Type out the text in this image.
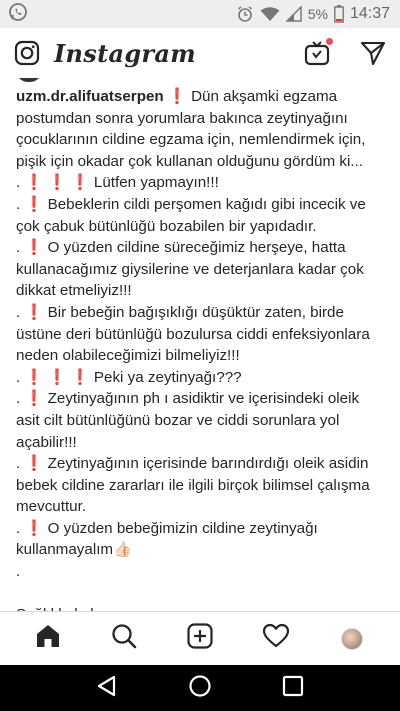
5% 14:37
Instagram
uzm.dr.alifuatserpen ❗ Dün akşamki egzama
postumdan sonra yorumlara bakınca zeytinyağını
çocuklarının cildine egzama için, nemlendirmek için,
pişik için okadar çok kullanan olduğunu gördüm ki...
. ❗ ❗ ❗ Lütfen yapmayın!!!
. ❗ Bebeklerin cildi perşomen kağıdı gibi incecik ve
çok çabuk bütünlüğü bozabilen bir yapıdadır.
. ❗ O yüzden cildine süreceğimiz herşeye, hatta
kullanacağımız giysilerine ve deterjanlara kadar çok
dikkat etmeliyiz!!!
. ❗ Bir bebeğin bağışıklığı düşüktür zaten, birde
üstüne deri bütünlüğü bozulursa ciddi enfeksiyonlara
neden olabileceğimizi bilmeliyiz!!!
. ❗ ❗ ❗ Peki ya zeytinyağı???
. ❗ Zeytinyağının ph ı asidiktir ve içerisindeki oleik
asit cilt bütünlüğünü bozar ve ciddi sorunlara yol
açabilir!!!
. ❗ Zeytinyağının içerisinde barındırdığı oleik asidin
bebek cildine zararları ile ilgili birçok bilimsel çalışma
mevcuttur.
. ❗ O yüzden bebeğimizin cildine zeytinyağı
kullanmayalım👍🏻
.
